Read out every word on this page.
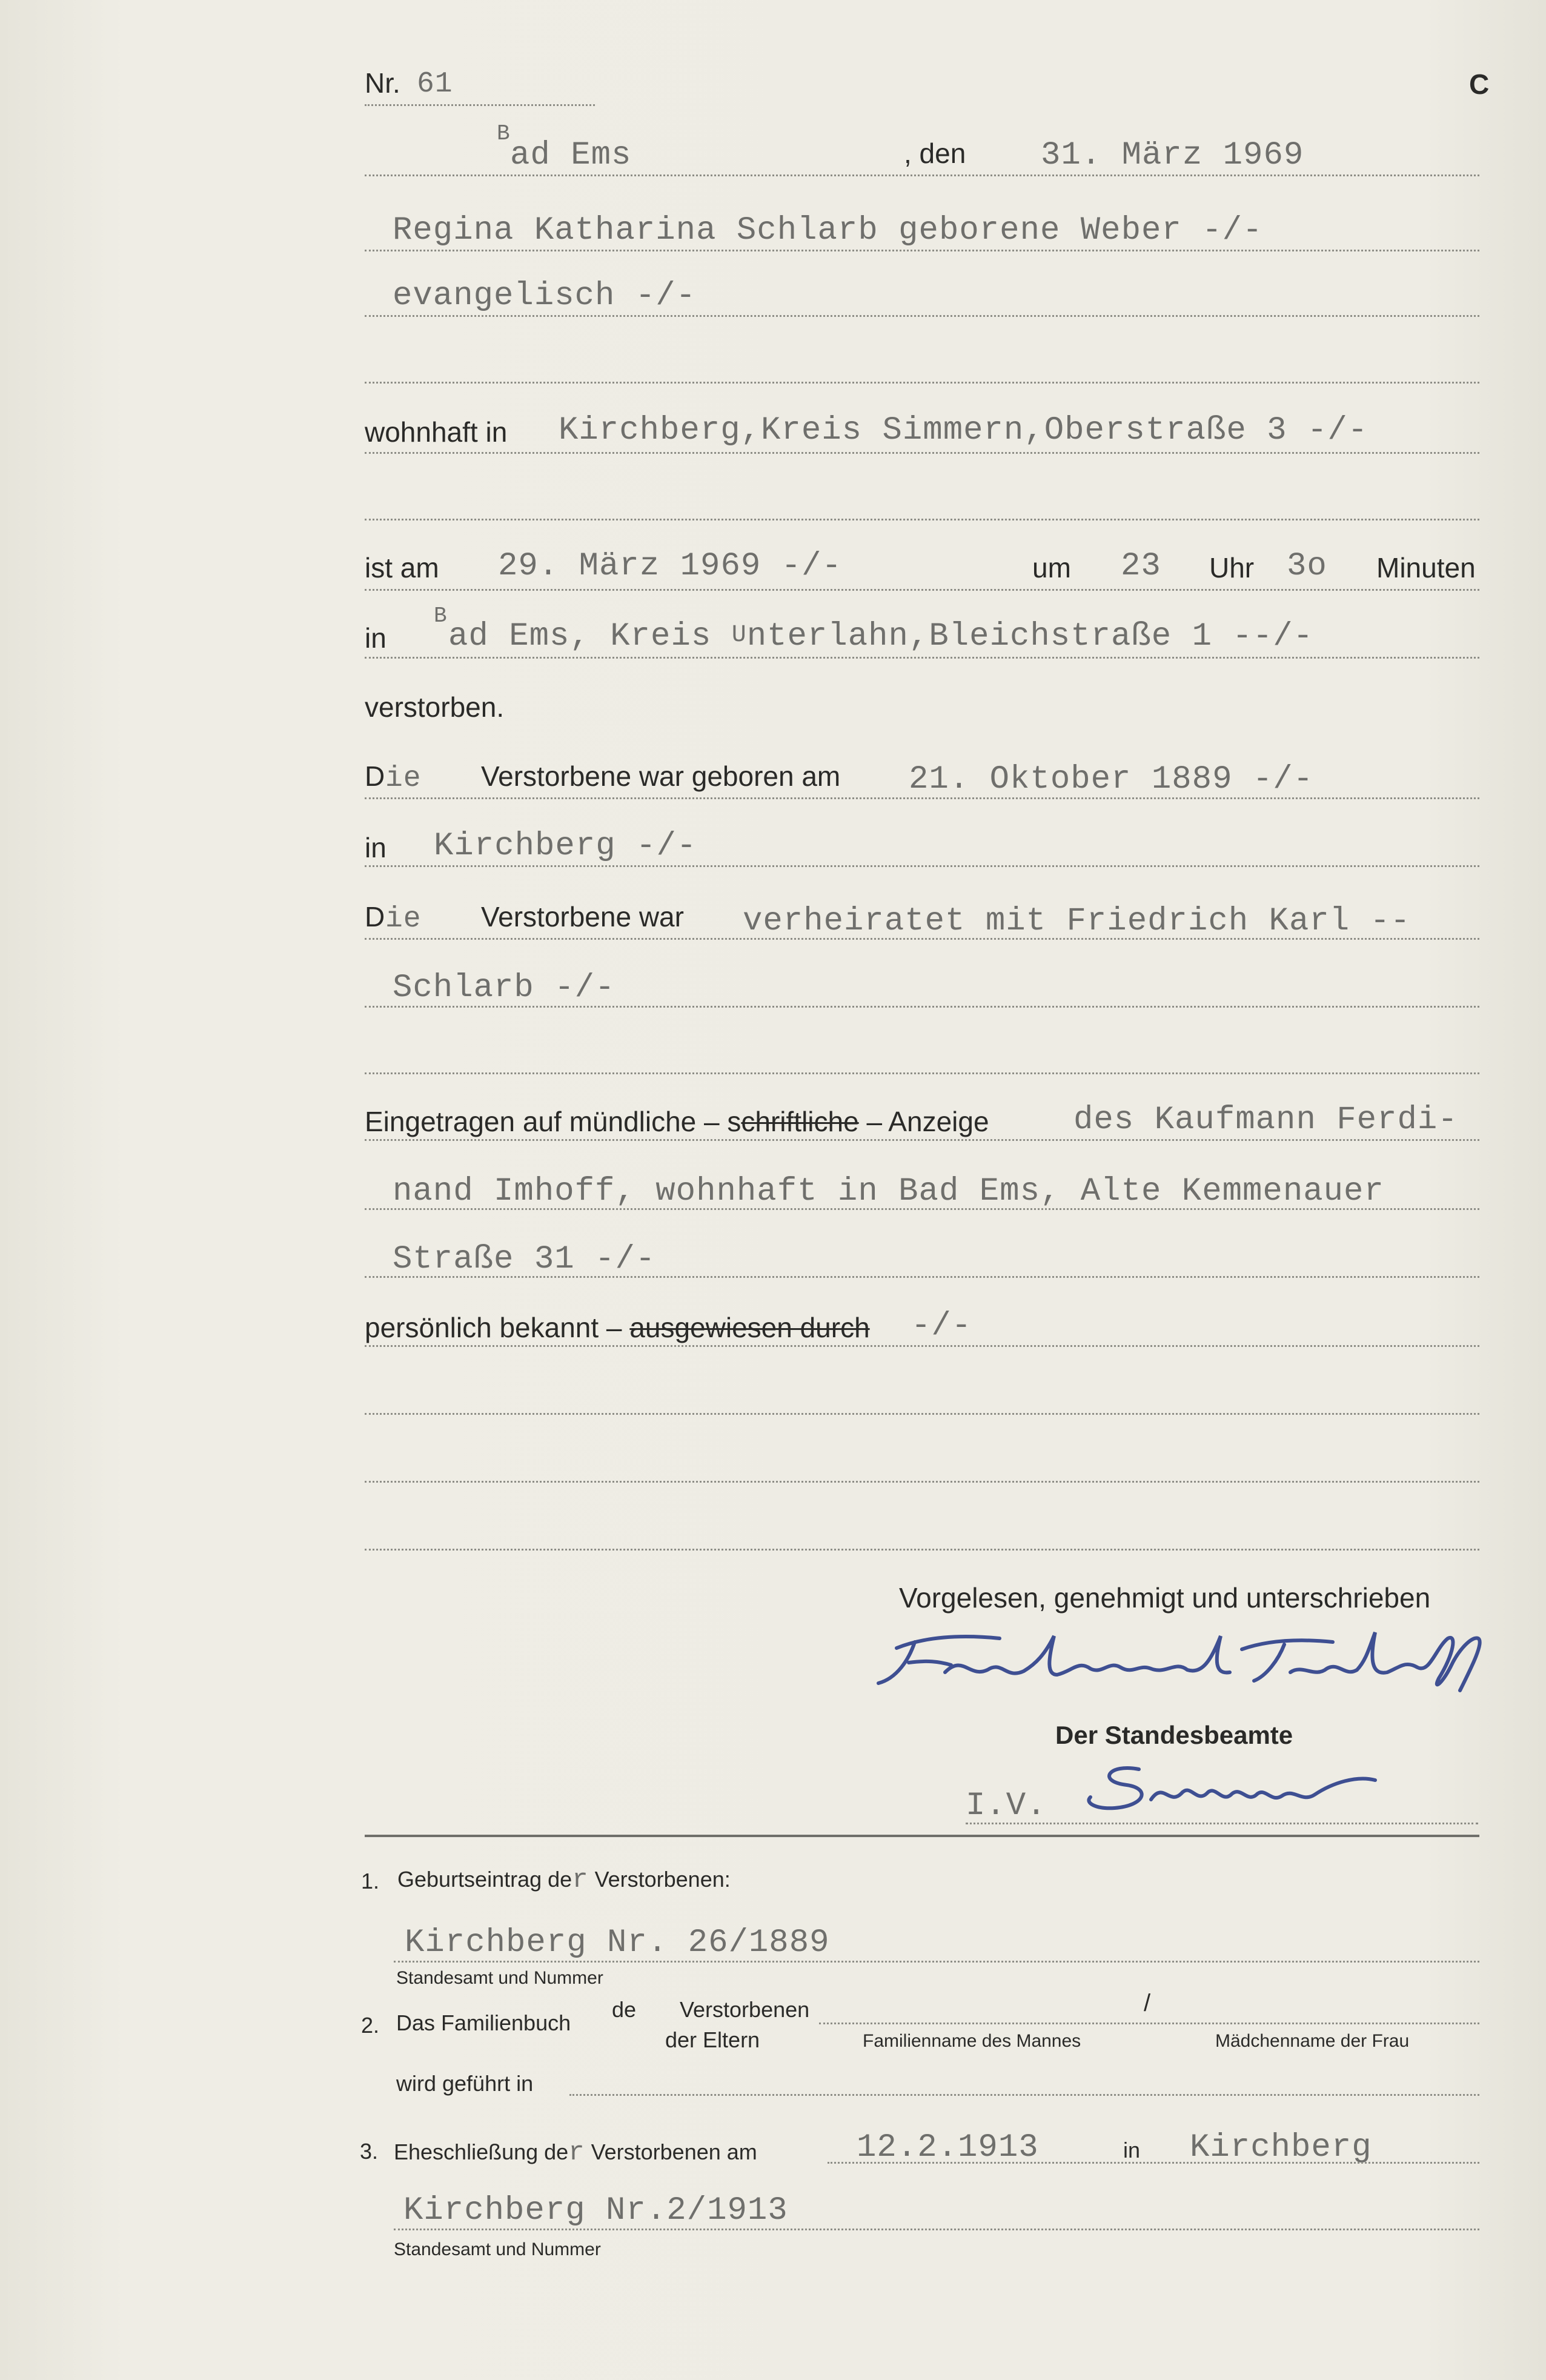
Nr. 61	C
B
ad Ems	, den 31. März 1969
Regina Katharina Schlarb geborene Weber -/-
evangelisch -/-
wohnhaft in Kirchberg,Kreis Simmern,Oberstraße 3 -/-
ist am 29. März 1969 -/-	um 23 Uhr 3o Minuten
in
B
ad Ems, Kreis Unterlahn,Bleichstraße 1 --/-
verstorben.
D ie Verstorbene war geboren am 21. Oktober 1889 -/-
in Kirchberg -/-
D ie Verstorbene war verheiratet mit Friedrich Karl --
Schlarb -/-
Eingetragen auf mündliche – schriftliche – Anzeige	des Kaufmann Ferdi-
nand Imhoff, wohnhaft in Bad Ems, Alte Kemmenauer
Straße 31 -/-
persönlich bekannt – ausgewiesen durch -/-
Vorgelesen, genehmigt und unterschrieben
Der Standesbeamte
I.V.
1. Geburtseintrag der Verstorbenen:
Kirchberg Nr. 26/1889
Standesamt und Nummer
2. Das Familienbuch
de Verstorbenen	/
der Eltern	Familienname des Mannes	Mädchenname der Frau
wird geführt in
3. Eheschließung der Verstorbenen am	12.2.1913	in Kirchberg
Kirchberg Nr.2/1913
Standesamt und Nummer
